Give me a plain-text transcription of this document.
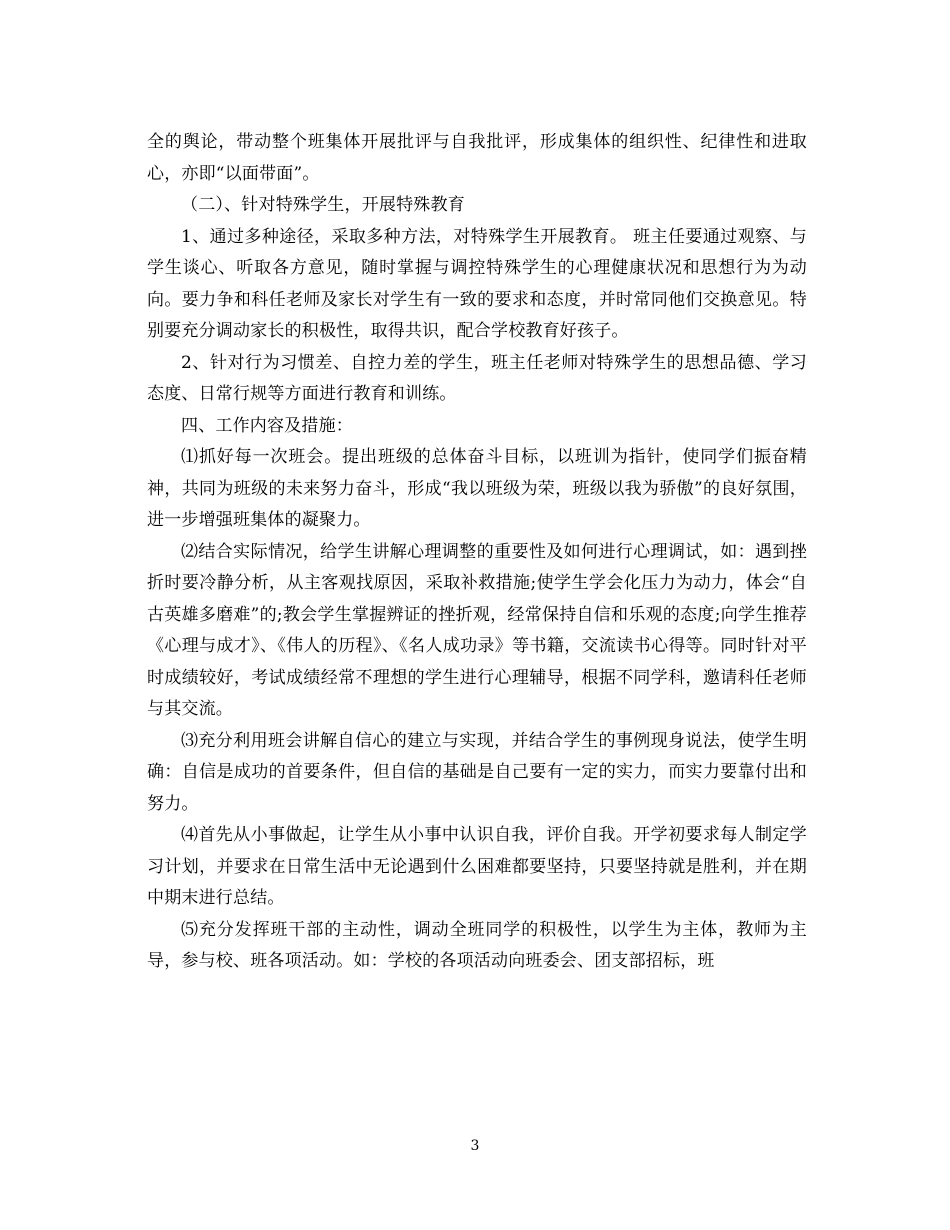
全的舆论，带动整个班集体开展批评与自我批评，形成集体的组织性、纪律性和进取心，亦即“以面带面”。

（二）、针对特殊学生，开展特殊教育

1、通过多种途径，采取多种方法，对特殊学生开展教育。 班主任要通过观察、与学生谈心、听取各方意见，随时掌握与调控特殊学生的心理健康状况和思想行为为动向。要力争和科任老师及家长对学生有一致的要求和态度，并时常同他们交换意见。特别要充分调动家长的积极性，取得共识，配合学校教育好孩子。

2、针对行为习惯差、自控力差的学生，班主任老师对特殊学生的思想品德、学习态度、日常行规等方面进行教育和训练。

四、工作内容及措施：

⑴抓好每一次班会。提出班级的总体奋斗目标，以班训为指针，使同学们振奋精神，共同为班级的未来努力奋斗，形成“我以班级为荣，班级以我为骄傲”的良好氛围，进一步增强班集体的凝聚力。

⑵结合实际情况，给学生讲解心理调整的重要性及如何进行心理调试，如：遇到挫折时要冷静分析，从主客观找原因，采取补救措施;使学生学会化压力为动力，体会“自古英雄多磨难”的;教会学生掌握辨证的挫折观，经常保持自信和乐观的态度;向学生推荐《心理与成才》、《伟人的历程》、《名人成功录》等书籍，交流读书心得等。同时针对平时成绩较好，考试成绩经常不理想的学生进行心理辅导，根据不同学科，邀请科任老师与其交流。

⑶充分利用班会讲解自信心的建立与实现，并结合学生的事例现身说法，使学生明确：自信是成功的首要条件，但自信的基础是自己要有一定的实力，而实力要靠付出和努力。

⑷首先从小事做起，让学生从小事中认识自我，评价自我。开学初要求每人制定学习计划，并要求在日常生活中无论遇到什么困难都要坚持，只要坚持就是胜利，并在期中期末进行总结。

⑸充分发挥班干部的主动性，调动全班同学的积极性，以学生为主体，教师为主导，参与校、班各项活动。如：学校的各项活动向班委会、团支部招标，班

3
